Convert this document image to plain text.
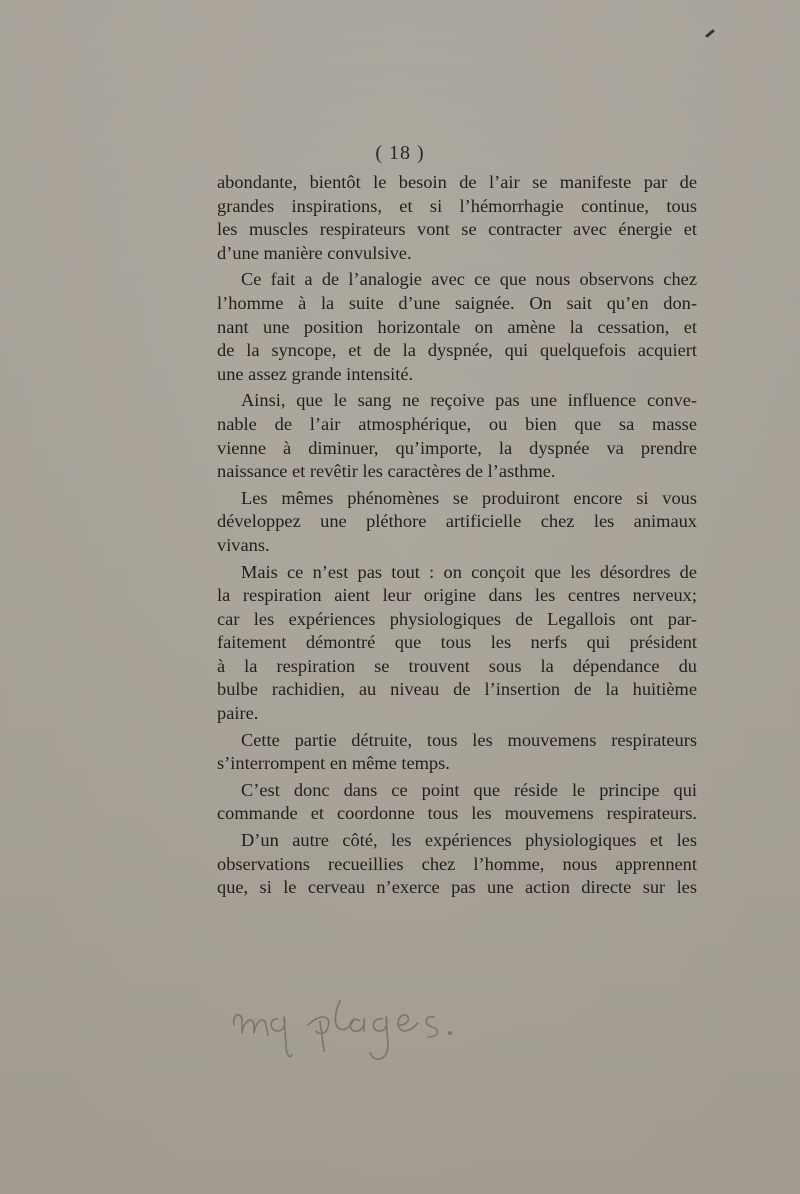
( 18 )
abondante, bientôt le besoin de l’air se manifeste par de
grandes inspirations, et si l’hémorrhagie continue, tous
les muscles respirateurs vont se contracter avec énergie et
d’une manière convulsive.
Ce fait a de l’analogie avec ce que nous observons chez
l’homme à la suite d’une saignée. On sait qu’en don-
nant une position horizontale on amène la cessation, et
de la syncope, et de la dyspnée, qui quelquefois acquiert
une assez grande intensité.
Ainsi, que le sang ne reçoive pas une influence conve-
nable de l’air atmosphérique, ou bien que sa masse
vienne à diminuer, qu’importe, la dyspnée va prendre
naissance et revêtir les caractères de l’asthme.
Les mêmes phénomènes se produiront encore si vous
développez une pléthore artificielle chez les animaux
vivans.
Mais ce n’est pas tout : on conçoit que les désordres de
la respiration aient leur origine dans les centres nerveux;
car les expériences physiologiques de Legallois ont par-
faitement démontré que tous les nerfs qui président
à la respiration se trouvent sous la dépendance du
bulbe rachidien, au niveau de l’insertion de la huitième
paire.
Cette partie détruite, tous les mouvemens respirateurs
s’interrompent en même temps.
C’est donc dans ce point que réside le principe qui
commande et coordonne tous les mouvemens respirateurs.
D’un autre côté, les expériences physiologiques et les
observations recueillies chez l’homme, nous apprennent
que, si le cerveau n’exerce pas une action directe sur les
